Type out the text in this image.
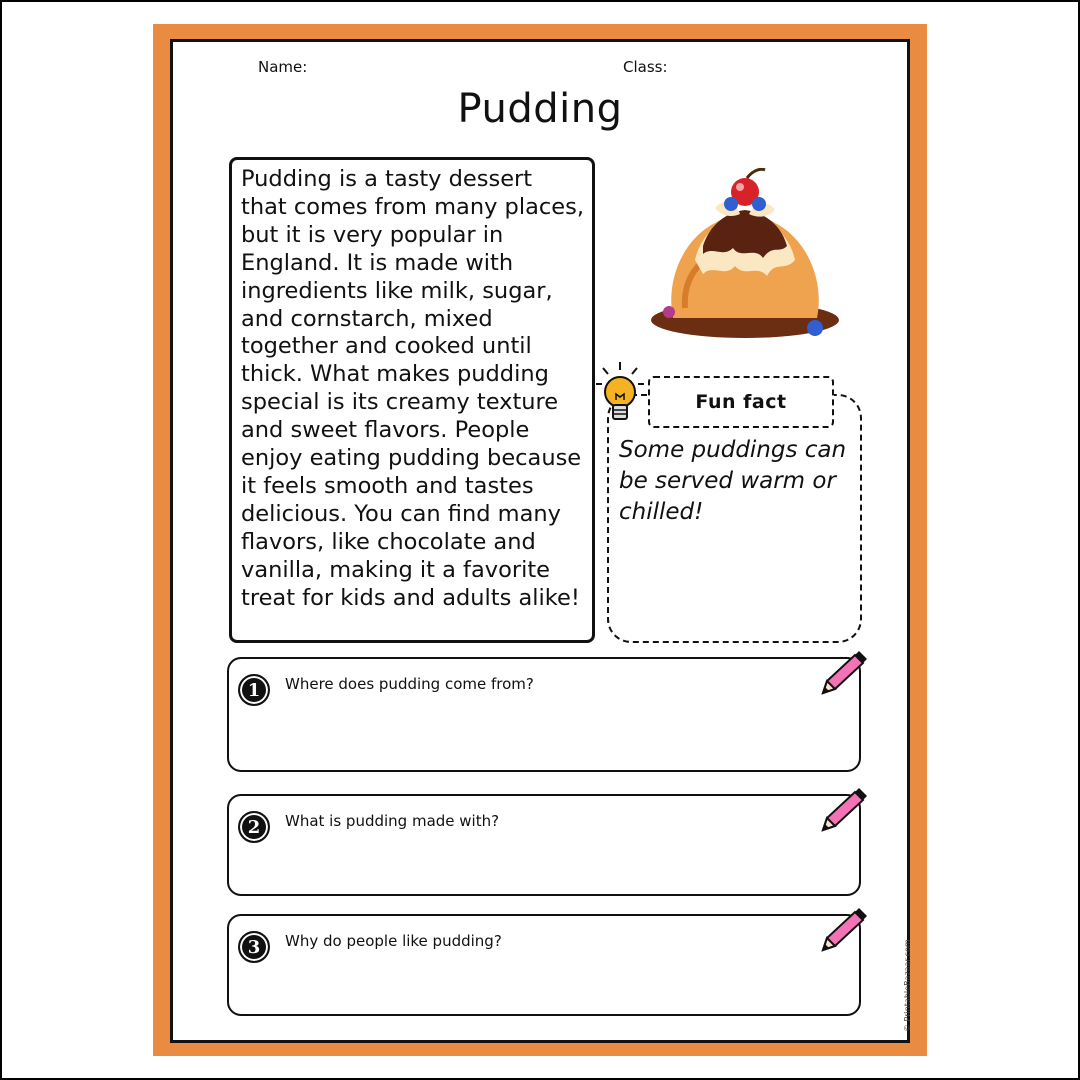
Name:	Class:
Pudding
Pudding is a tasty dessert that comes from many places, but it is very popular in England. It is made with ingredients like milk, sugar, and cornstarch, mixed together and cooked until thick. What makes pudding special is its creamy texture and sweet flavors. People enjoy eating pudding because it feels smooth and tastes delicious. You can find many flavors, like chocolate and vanilla, making it a favorite treat for kids and adults alike!
Fun fact
Some puddings can be served warm or chilled!
1	Where does pudding come from?
2	What is pudding made with?
3	Why do people like pudding?	© PrintableBazaar.com
